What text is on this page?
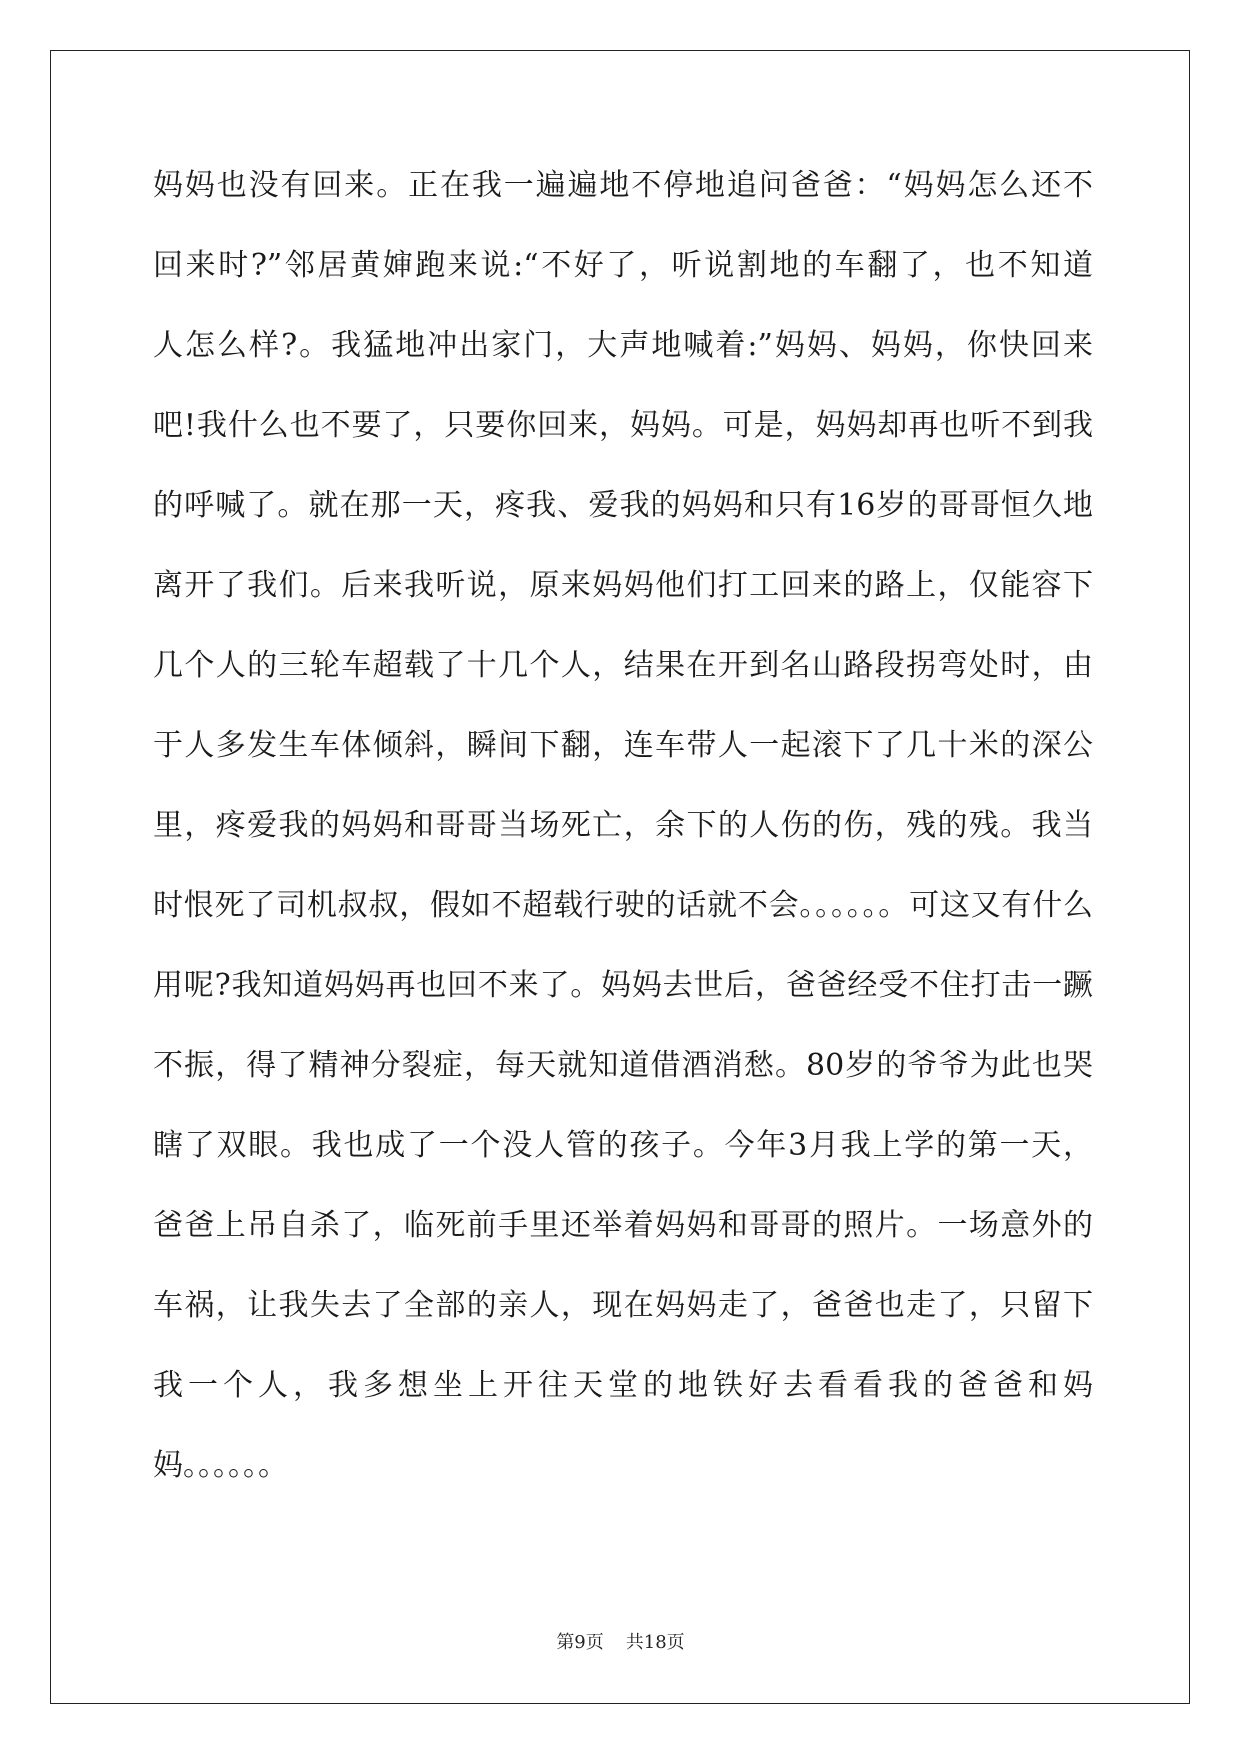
妈妈也没有回来。正在我一遍遍地不停地追问爸爸：“妈妈怎么还不
回来时?”邻居黄婶跑来说:“不好了，听说割地的车翻了，也不知道
人怎么样?。我猛地冲出家门，大声地喊着:”妈妈、妈妈，你快回来
吧!我什么也不要了，只要你回来，妈妈。可是，妈妈却再也听不到我
的呼喊了。就在那一天，疼我、爱我的妈妈和只有16岁的哥哥恒久地
离开了我们。后来我听说，原来妈妈他们打工回来的路上，仅能容下
几个人的三轮车超载了十几个人，结果在开到名山路段拐弯处时，由
于人多发生车体倾斜，瞬间下翻，连车带人一起滚下了几十米的深公
里，疼爱我的妈妈和哥哥当场死亡，余下的人伤的伤，残的残。我当
时恨死了司机叔叔，假如不超载行驶的话就不会。。。。。。可这又有什么
用呢?我知道妈妈再也回不来了。妈妈去世后，爸爸经受不住打击一蹶
不振，得了精神分裂症，每天就知道借酒消愁。80岁的爷爷为此也哭
瞎了双眼。我也成了一个没人管的孩子。今年3月我上学的第一天，
爸爸上吊自杀了，临死前手里还举着妈妈和哥哥的照片。一场意外的
车祸，让我失去了全部的亲人，现在妈妈走了，爸爸也走了，只留下
我一个人，我多想坐上开往天堂的地铁好去看看我的爸爸和妈
妈。。。。。。
第9页 共18页
